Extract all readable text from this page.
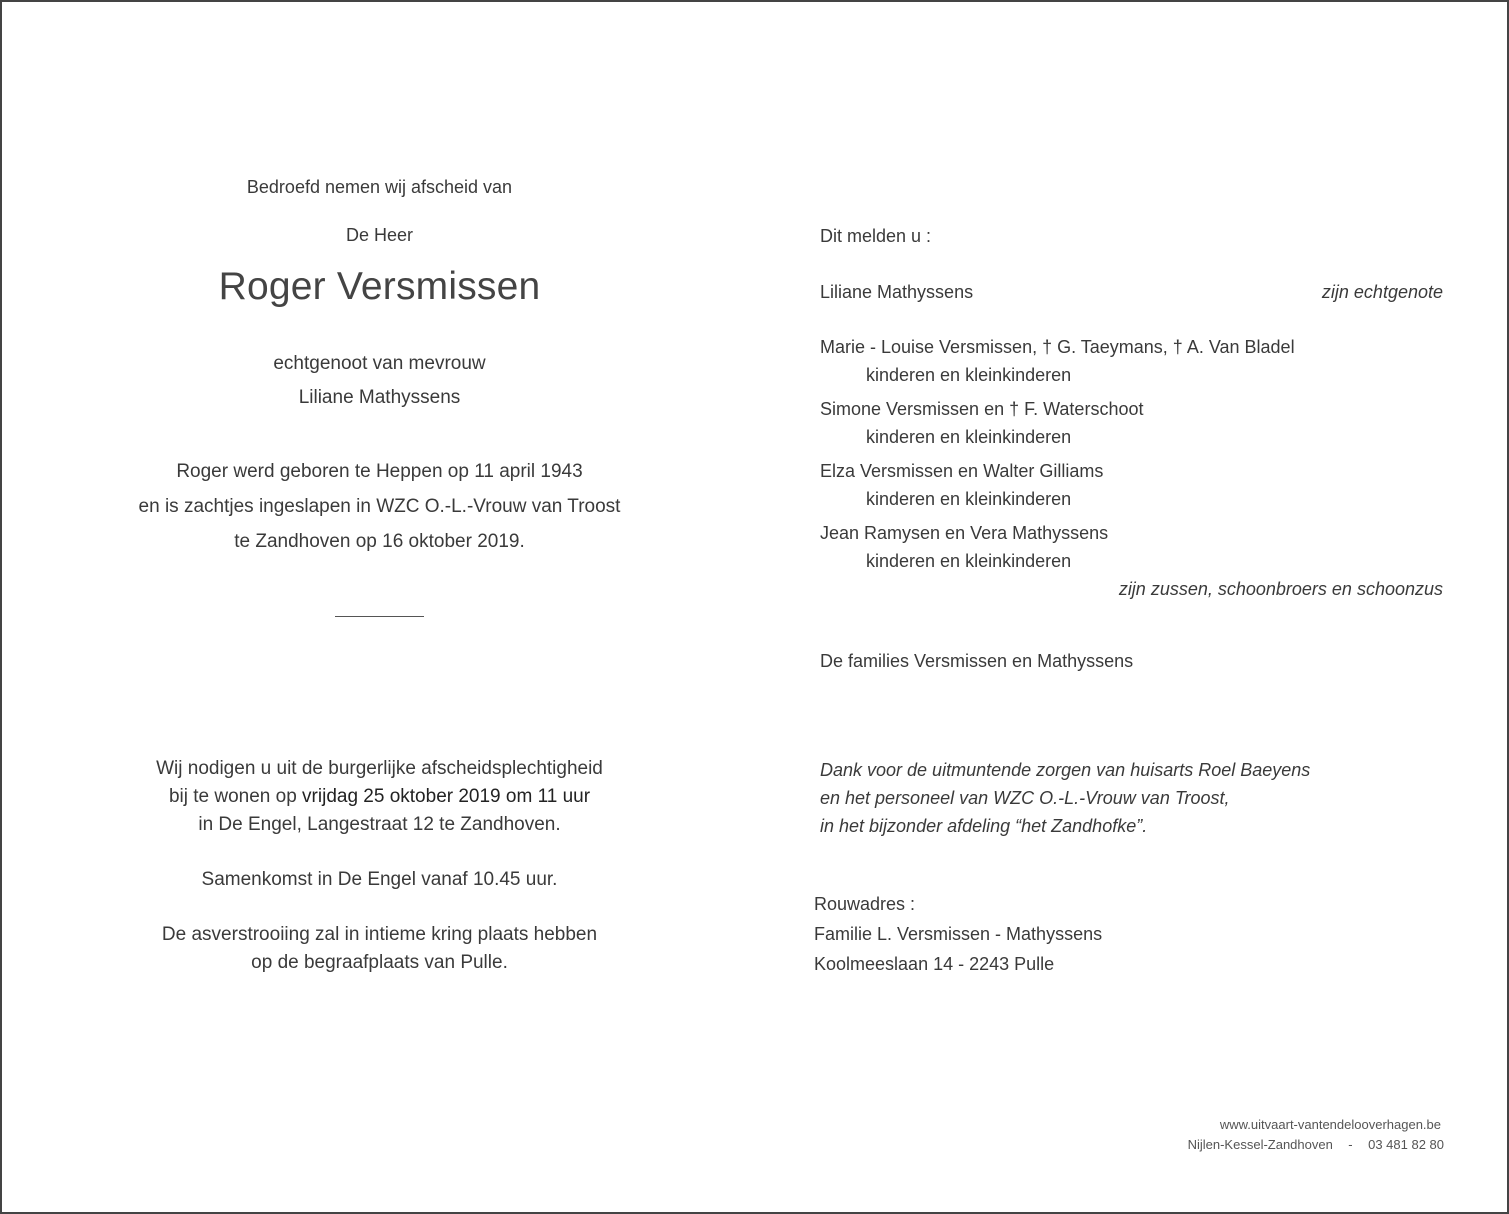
Bedroefd nemen wij afscheid van
De Heer
Roger Versmissen
echtgenoot van mevrouw
Liliane Mathyssens
Roger werd geboren te Heppen op 11 april 1943
en is zachtjes ingeslapen in WZC O.-L.-Vrouw van Troost
te Zandhoven op 16 oktober 2019.
Wij nodigen u uit de burgerlijke afscheidsplechtigheid
bij te wonen op vrijdag 25 oktober 2019 om 11 uur
in De Engel, Langestraat 12 te Zandhoven.
Samenkomst in De Engel vanaf 10.45 uur.
De asverstrooiing zal in intieme kring plaats hebben
op de begraafplaats van Pulle.
Dit melden u :
Liliane Mathyssens	zijn echtgenote
Marie - Louise Versmissen, † G. Taeymans, † A. Van Bladel
kinderen en kleinkinderen
Simone Versmissen en † F. Waterschoot
kinderen en kleinkinderen
Elza Versmissen en Walter Gilliams
kinderen en kleinkinderen
Jean Ramysen en Vera Mathyssens
kinderen en kleinkinderen
zijn zussen, schoonbroers en schoonzus
De families Versmissen en Mathyssens
Dank voor de uitmuntende zorgen van huisarts Roel Baeyens
en het personeel van WZC O.-L.-Vrouw van Troost,
in het bijzonder afdeling “het Zandhofke”.
Rouwadres :
Familie L. Versmissen - Mathyssens
Koolmeeslaan 14 - 2243 Pulle
www.uitvaart-vantendelooverhagen.be
Nijlen-Kessel-Zandhoven - 03 481 82 80
